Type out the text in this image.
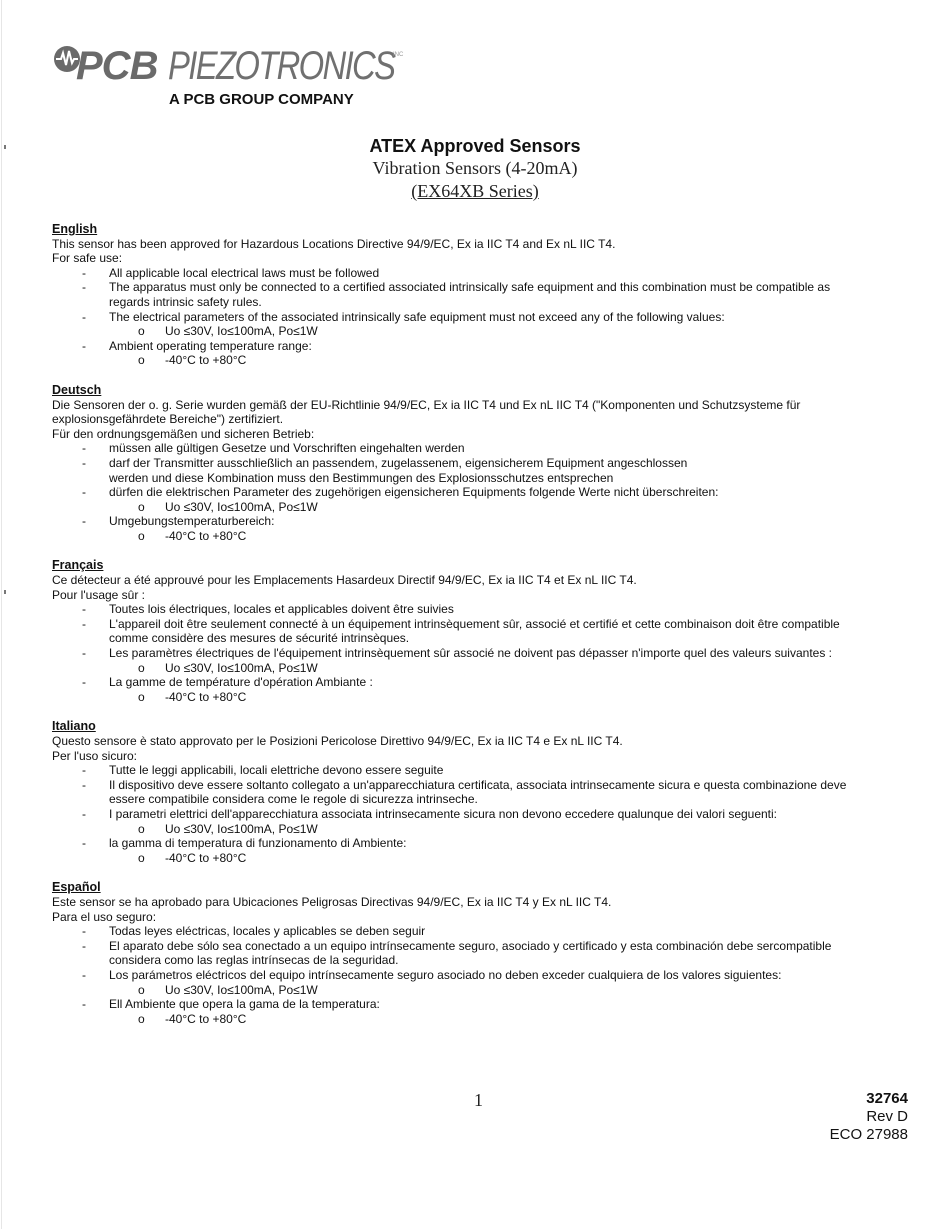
PCB PIEZOTRONICS INC
A PCB GROUP COMPANY
ATEX Approved Sensors
Vibration Sensors (4-20mA)
(EX64XB Series)
English
This sensor has been approved for Hazardous Locations Directive 94/9/EC, Ex ia IIC T4 and Ex nL IIC T4.
For safe use:
- All applicable local electrical laws must be followed
- The apparatus must only be connected to a certified associated intrinsically safe equipment and this combination must be compatible as
regards intrinsic safety rules.
- The electrical parameters of the associated intrinsically safe equipment must not exceed any of the following values:
o Uo ≤30V, Io≤100mA, Po≤1W
- Ambient operating temperature range:
o -40°C to +80°C
Deutsch
Die Sensoren der o. g. Serie wurden gemäß der EU-Richtlinie 94/9/EC, Ex ia IIC T4 und Ex nL IIC T4 ("Komponenten und Schutzsysteme für
explosionsgefährdete Bereiche") zertifiziert.
Für den ordnungsgemäßen und sicheren Betrieb:
- müssen alle gültigen Gesetze und Vorschriften eingehalten werden
- darf der Transmitter ausschließlich an passendem, zugelassenem, eigensicherem Equipment angeschlossen
werden und diese Kombination muss den Bestimmungen des Explosionsschutzes entsprechen
- dürfen die elektrischen Parameter des zugehörigen eigensicheren Equipments folgende Werte nicht überschreiten:
o Uo ≤30V, Io≤100mA, Po≤1W
- Umgebungstemperaturbereich:
o -40°C to +80°C
Français
Ce détecteur a été approuvé pour les Emplacements Hasardeux Directif 94/9/EC, Ex ia IIC T4 et Ex nL IIC T4.
Pour l'usage sûr :
- Toutes lois électriques, locales et applicables doivent être suivies
- L'appareil doit être seulement connecté à un équipement intrinsèquement sûr, associé et certifié et cette combinaison doit être compatible
comme considère des mesures de sécurité intrinsèques.
- Les paramètres électriques de l'équipement intrinsèquement sûr associé ne doivent pas dépasser n'importe quel des valeurs suivantes :
o Uo ≤30V, Io≤100mA, Po≤1W
- La gamme de température d'opération Ambiante :
o -40°C to +80°C
Italiano
Questo sensore è stato approvato per le Posizioni Pericolose Direttivo 94/9/EC, Ex ia IIC T4 e Ex nL IIC T4.
Per l'uso sicuro:
- Tutte le leggi applicabili, locali elettriche devono essere seguite
- Il dispositivo deve essere soltanto collegato a un'apparecchiatura certificata, associata intrinsecamente sicura e questa combinazione deve
essere compatibile considera come le regole di sicurezza intrinseche.
- I parametri elettrici dell'apparecchiatura associata intrinsecamente sicura non devono eccedere qualunque dei valori seguenti:
o Uo ≤30V, Io≤100mA, Po≤1W
- la gamma di temperatura di funzionamento di Ambiente:
o -40°C to +80°C
Español
Este sensor se ha aprobado para Ubicaciones Peligrosas Directivas 94/9/EC, Ex ia IIC T4 y Ex nL IIC T4.
Para el uso seguro:
- Todas leyes eléctricas, locales y aplicables se deben seguir
- El aparato debe sólo sea conectado a un equipo intrínsecamente seguro, asociado y certificado y esta combinación debe sercompatible
considera como las reglas intrínsecas de la seguridad.
- Los parámetros eléctricos del equipo intrínsecamente seguro asociado no deben exceder cualquiera de los valores siguientes:
o Uo ≤30V, Io≤100mA, Po≤1W
- Ell Ambiente que opera la gama de la temperatura:
o -40°C to +80°C
1	32764
Rev D
ECO 27988
